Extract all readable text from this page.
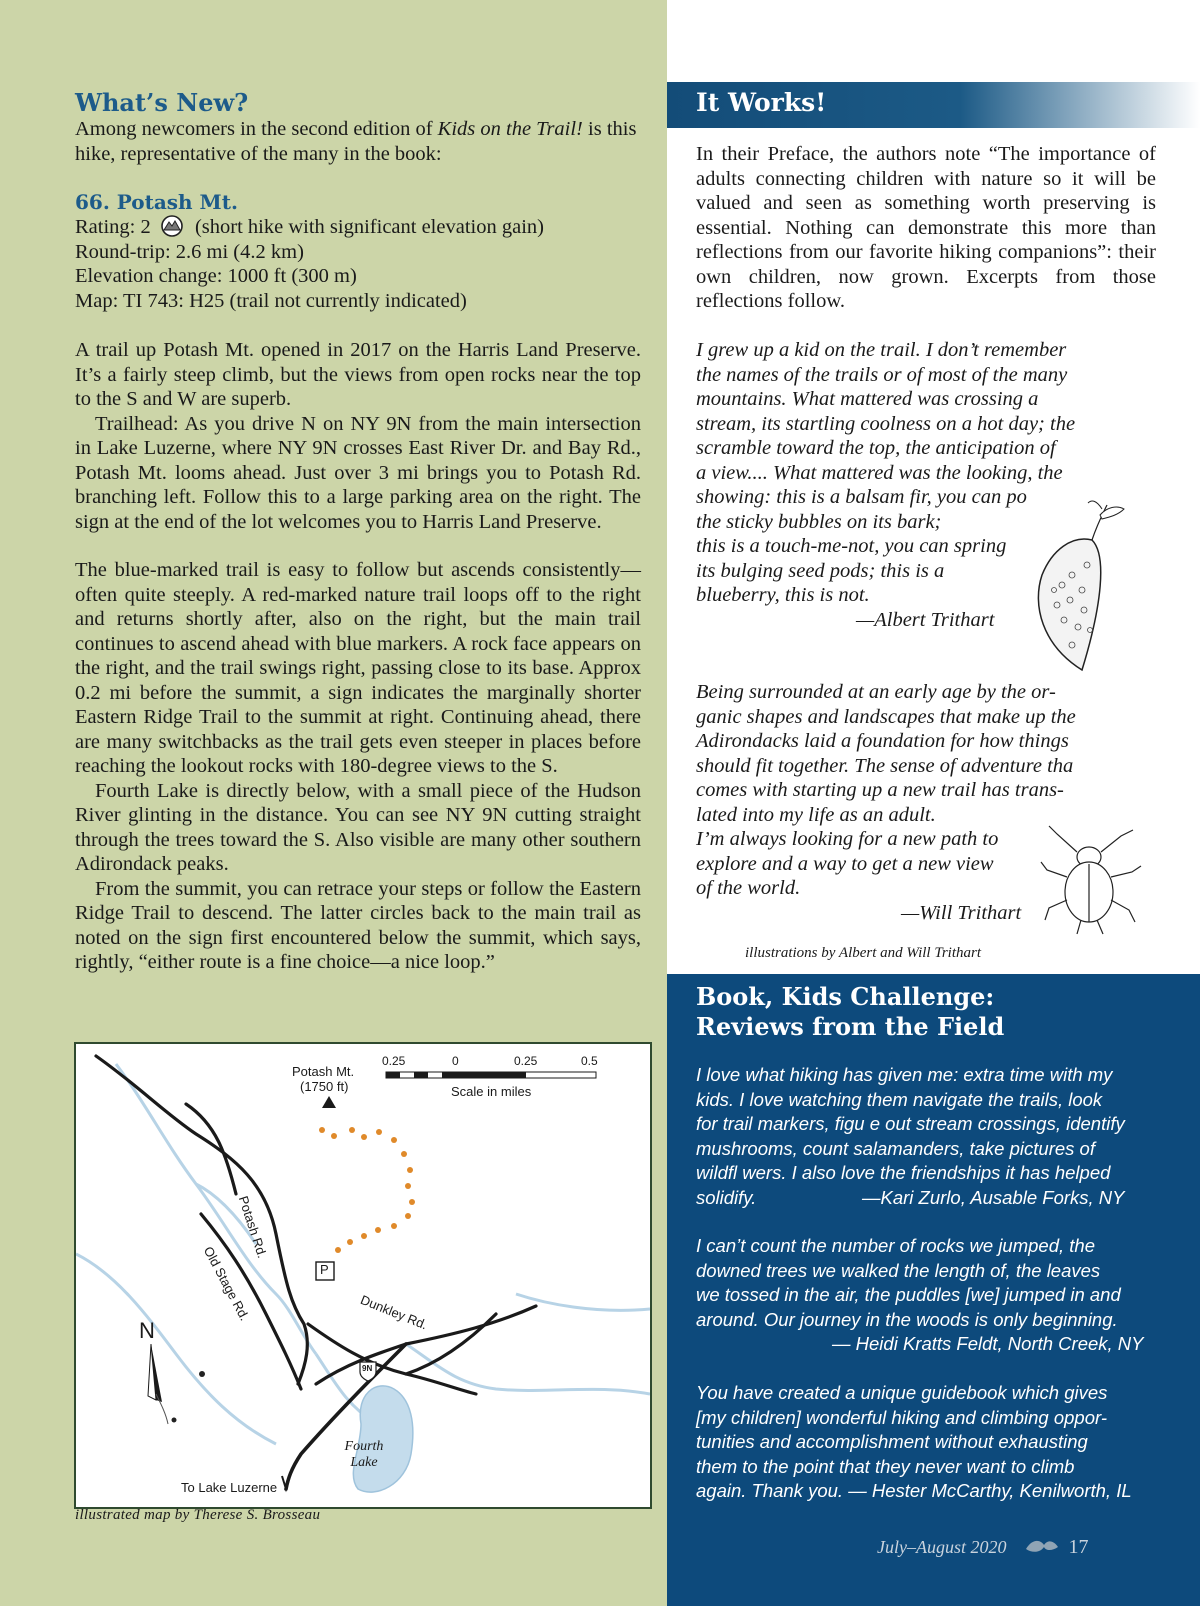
What’s New?
Among newcomers in the second edition of Kids on the Trail! is this hike, representative of the many in the book:
66. Potash Mt.
Rating: 2 (short hike with significant elevation gain)
Round-trip: 2.6 mi (4.2 km)
Elevation change: 1000 ft (300 m)
Map: TI 743: H25 (trail not currently indicated)

A trail up Potash Mt. opened in 2017 on the Harris Land Preserve. It’s a fairly steep climb, but the views from open rocks near the top to the S and W are superb.

Trailhead: As you drive N on NY 9N from the main intersection in Lake Luzerne, where NY 9N crosses East River Dr. and Bay Rd., Potash Mt. looms ahead. Just over 3 mi brings you to Potash Rd. branching left. Follow this to a large parking area on the right. The sign at the end of the lot welcomes you to Harris Land Preserve.

The blue-marked trail is easy to follow but ascends consistently—often quite steeply. A red-marked nature trail loops off to the right and returns shortly after, also on the right, but the main trail continues to ascend ahead with blue markers. A rock face appears on the right, and the trail swings right, passing close to its base. Approx 0.2 mi before the summit, a sign indicates the marginally shorter Eastern Ridge Trail to the summit at right. Continuing ahead, there are many switchbacks as the trail gets even steeper in places before reaching the lookout rocks with 180-degree views to the S.

Fourth Lake is directly below, with a small piece of the Hudson River glinting in the distance. You can see NY 9N cutting straight through the trees toward the S. Also visible are many other southern Adirondack peaks.

From the summit, you can retrace your steps or follow the Eastern Ridge Trail to descend. The latter circles back to the main trail as noted on the sign first encountered below the summit, which says, rightly, “either route is a fine choice—a nice loop.”

Potash Mt.
(1750 ft)
0.25	0	0.25	0.5
Scale in miles
Potash Rd.
Old Stage Rd.	Dunkley Rd.
P
9N
N
Fourth
Lake
To Lake Luzerne
illustrated map by Therese S. Brosseau
It Works!
In their Preface, the authors note “The importance of adults connecting children with nature so it will be valued and seen as something worth preserving is essential. Nothing can demonstrate this more than reflections from our favorite hiking companions”: their own children, now grown. Excerpts from those reflections follow.
I grew up a kid on the trail. I don’t remember
the names of the trails or of most of the many
mountains. What mattered was crossing a
stream, its startling coolness on a hot day; the
scramble toward the top, the anticipation of
a view.... What mattered was the looking, the
showing: this is a balsam fir, you can po
the sticky bubbles on its bark;
this is a touch-me-not, you can spring
its bulging seed pods; this is a
blueberry, this is not.
—Albert Trithart
Being surrounded at an early age by the or-
ganic shapes and landscapes that make up the
Adirondacks laid a foundation for how things
should fit together. The sense of adventure tha
comes with starting up a new trail has trans-
lated into my life as an adult.
I’m always looking for a new path to
explore and a way to get a new view
of the world.
—Will Trithart
illustrations by Albert and Will Trithart
Book, Kids Challenge:
Reviews from the Field
I love what hiking has given me: extra time with my
kids. I love watching them navigate the trails, look
for trail markers, figu e out stream crossings, identify
mushrooms, count salamanders, take pictures of
wildfl wers. I also love the friendships it has helped
solidify.	—Kari Zurlo, Ausable Forks, NY
I can’t count the number of rocks we jumped, the
downed trees we walked the length of, the leaves
we tossed in the air, the puddles [we] jumped in and
around. Our journey in the woods is only beginning.
— Heidi Kratts Feldt, North Creek, NY
You have created a unique guidebook which gives
[my children] wonderful hiking and climbing oppor-
tunities and accomplishment without exhausting
them to the point that they never want to climb
again. Thank you. — Hester McCarthy, Kenilworth, IL
July–August 2020	17
